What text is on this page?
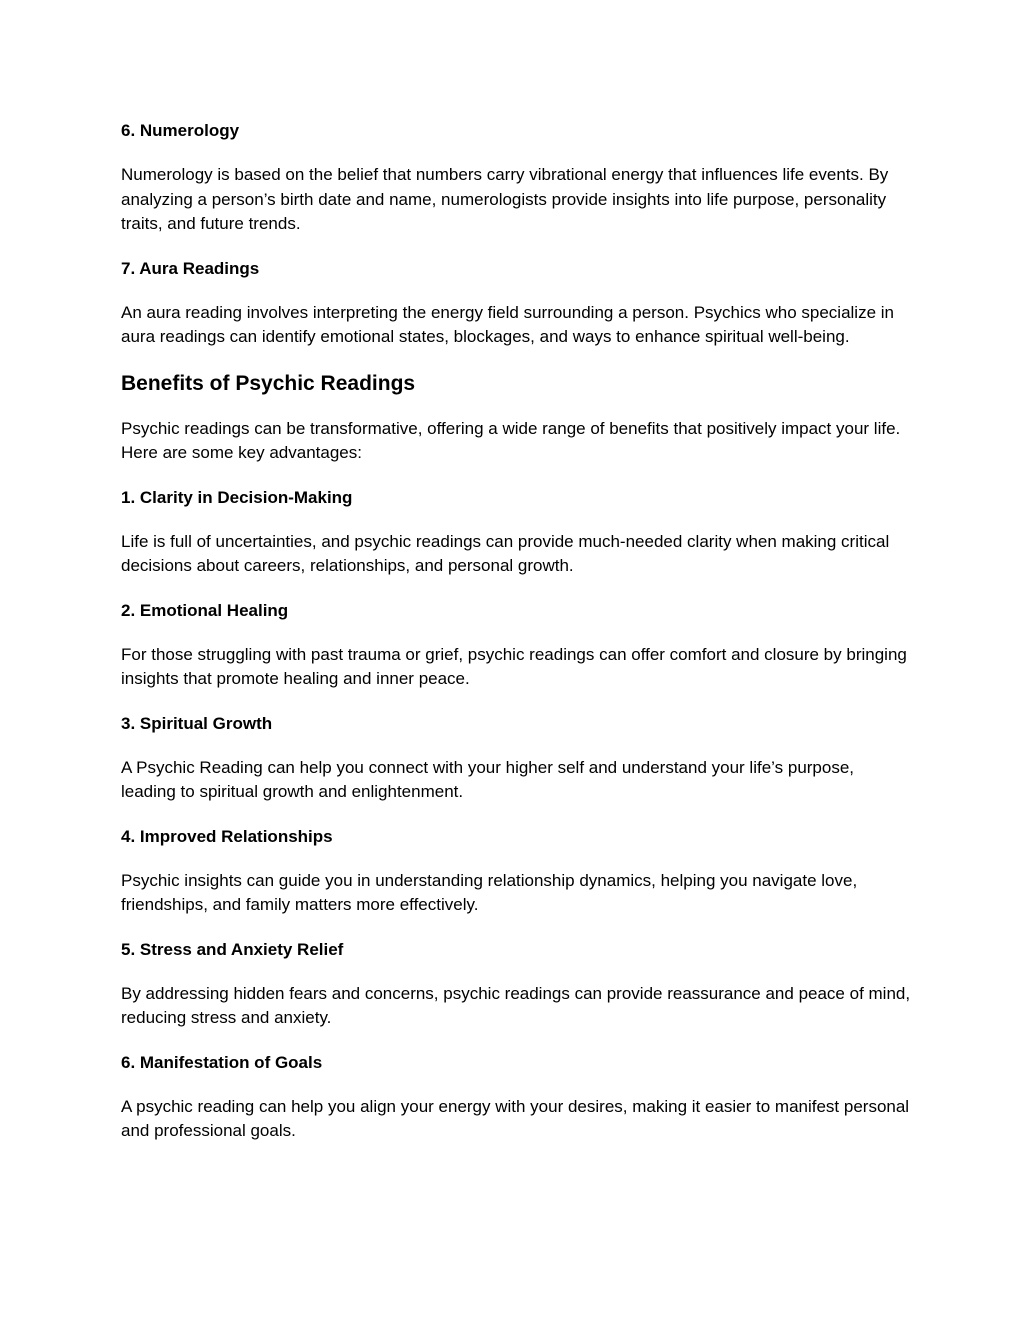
6. Numerology
Numerology is based on the belief that numbers carry vibrational energy that influences life events. By analyzing a person’s birth date and name, numerologists provide insights into life purpose, personality traits, and future trends.
7. Aura Readings
An aura reading involves interpreting the energy field surrounding a person. Psychics who specialize in aura readings can identify emotional states, blockages, and ways to enhance spiritual well-being.
Benefits of Psychic Readings
Psychic readings can be transformative, offering a wide range of benefits that positively impact your life. Here are some key advantages:
1. Clarity in Decision-Making
Life is full of uncertainties, and psychic readings can provide much-needed clarity when making critical decisions about careers, relationships, and personal growth.
2. Emotional Healing
For those struggling with past trauma or grief, psychic readings can offer comfort and closure by bringing insights that promote healing and inner peace.
3. Spiritual Growth
A Psychic Reading can help you connect with your higher self and understand your life’s purpose, leading to spiritual growth and enlightenment.
4. Improved Relationships
Psychic insights can guide you in understanding relationship dynamics, helping you navigate love, friendships, and family matters more effectively.
5. Stress and Anxiety Relief
By addressing hidden fears and concerns, psychic readings can provide reassurance and peace of mind, reducing stress and anxiety.
6. Manifestation of Goals
A psychic reading can help you align your energy with your desires, making it easier to manifest personal and professional goals.
